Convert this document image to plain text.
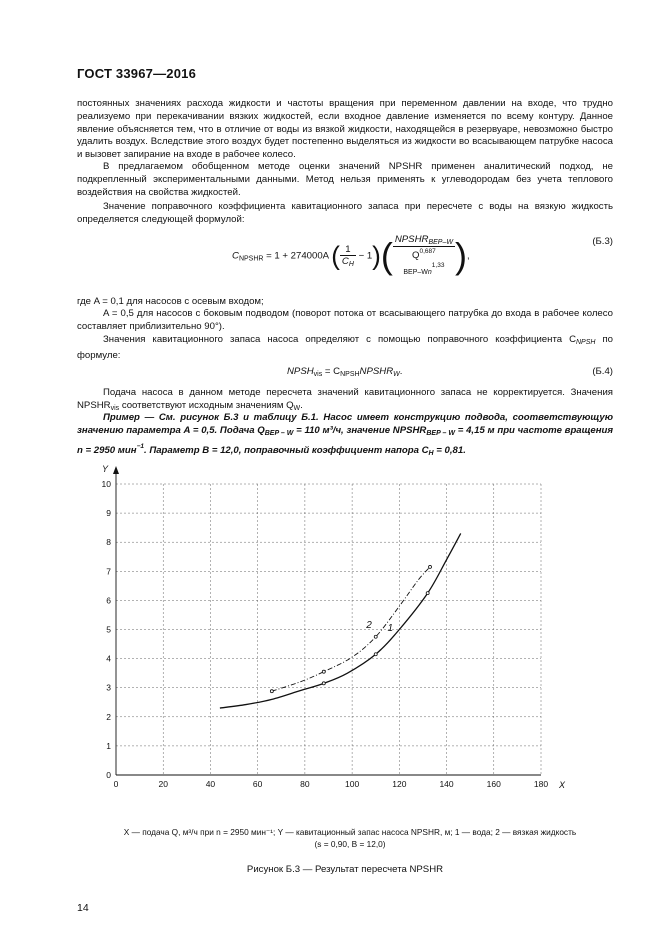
ГОСТ 33967—2016
постоянных значениях расхода жидкости и частоты вращения при переменном давлении на входе, что трудно реализуемо при перекачивании вязких жидкостей, если входное давление изменяется по всему контуру. Данное явление объясняется тем, что в отличие от воды из вязкой жидкости, находящейся в резервуаре, невозможно быстро удалить воздух. Вследствие этого воздух будет постепенно выделяться из жидкости во всасывающем патрубке насоса и вызовет запирание на входе в рабочее колесо.
В предлагаемом обобщенном методе оценки значений NPSHR применен аналитический подход, не подкрепленный экспериментальными данными. Метод нельзя применять к углеводородам без учета теплового воздействия на свойства жидкостей.
Значение поправочного коэффициента кавитационного запаса при пересчете с воды на вязкую жидкость определяется следующей формулой:
$C_{NPSHR} = 1 + 274000A$ ( $\frac{1}{C_H} - 1$)( $NPSHR_{BEP-W}$
Q$^{0,687}$
$_{BEP-Wn}^{1,33}$ ),
(Б.3)
где A = 0,1 для насосов с осевым входом;
A = 0,5 для насосов с боковым подводом (поворот потока от всасывающего патрубка до входа в рабочее колесо составляет приблизительно 90°).
Значения кавитационного запаса насоса определяют с помощью поправочного коэффициента $C_{NPSH}$ по формуле:
$NPSH_{vis}$ = $C_{NPSH}NPSHR_W$.	(Б.4)
Подача насоса в данном методе пересчета значений кавитационного запаса не корректируется. Значения $NPSHR_{vis}$ соответствуют исходным значениям $Q_W$.
Пример — См. рисунок Б.3 и таблицу Б.1. Насос имеет конструкцию подвода, соответствующую значению параметра A = 0,5. Подача $Q_{BEP - W} = 110$ м³/ч, значение $NPSHR_{BEP - W} = 4,15$ м при частоте вращения n = 2950 мин$^{-1}$. Параметр B = 12,0, поправочный коэффициент напора $C_H = 0,81$.
0	20	40	60	80	100	120	140	160	180
0
1
2
3
4
5
6
7
8
9
10
X
Y
1
2
X — подача Q, м³/ч при n = 2950 мин⁻¹; Y — кавитационный запас насоса NPSHR, м; 1 — вода; 2 — вязкая жидкость
(s = 0,90, B = 12,0)
Рисунок Б.3 — Результат пересчета NPSHR
14
